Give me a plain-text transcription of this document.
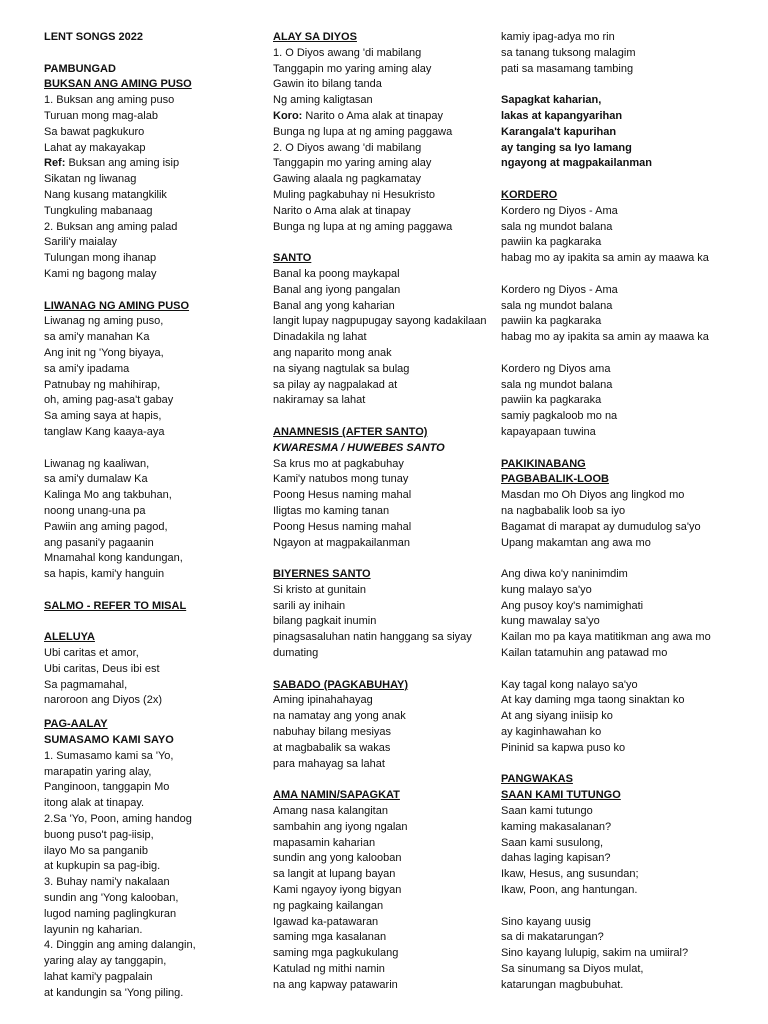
LENT SONGS 2022
PAMBUNGAD
BUKSAN ANG AMING PUSO
1. Buksan ang aming puso
Turuan mong mag-alab
Sa bawat pagkukuro
Lahat ay makayakap
Ref: Buksan ang aming isip
Sikatan ng liwanag
Nang kusang matangkilik
Tungkuling mabanaag
2. Buksan ang aming palad
Sarili'y maialay
Tulungan mong ihanap
Kami ng bagong malay
LIWANAG NG AMING PUSO
Liwanag ng aming puso,
sa ami'y manahan Ka
Ang init ng 'Yong biyaya,
sa ami'y ipadama
Patnubay ng mahihirap,
oh, aming pag-asa't gabay
Sa aming saya at hapis,
tanglaw Kang kaaya-aya
Liwanag ng kaaliwan,
sa ami'y dumalaw Ka
Kalinga Mo ang takbuhan,
noong unang-una pa
Pawiin ang aming pagod,
ang pasani'y pagaanin
Mnamahal kong kandungan,
sa hapis, kami'y hanguin
SALMO - REFER TO MISAL
ALELUYA
Ubi caritas et amor,
Ubi caritas, Deus ibi est
Sa pagmamahal,
naroroon ang Diyos (2x)
PAG-AALAY
SUMASAMO KAMI SAYO
1. Sumasamo kami sa 'Yo,
marapatin yaring alay,
Panginoon, tanggapin Mo
itong alak at tinapay.
2.Sa 'Yo, Poon, aming handog
buong puso't pag-iisip,
ilayo Mo sa panganib
at kupkupin sa pag-ibig.
3. Buhay nami'y nakalaan
sundin ang 'Yong kalooban,
lugod naming paglingkuran
layunin ng kaharian.
4. Dinggin ang aming dalangin,
yaring alay ay tanggapin,
lahat kami'y pagpalain
at kandungin sa 'Yong piling.
ALAY SA DIYOS
1. O Diyos awang 'di mabilang
Tanggapin mo yaring aming alay
Gawin ito bilang tanda
Ng aming kaligtasan
Koro: Narito o Ama alak at tinapay
Bunga ng lupa at ng aming paggawa
2. O Diyos awang 'di mabilang
Tanggapin mo yaring aming alay
Gawing alaala ng pagkamatay
Muling pagkabuhay ni Hesukristo
Narito o Ama alak at tinapay
Bunga ng lupa at ng aming paggawa
SANTO
Banal ka poong maykapal
Banal ang iyong pangalan
Banal ang yong kaharian
langit lupay nagpupugay sayong kadakilaan
Dinadakila ng lahat
ang naparito mong anak
na siyang nagtulak sa bulag
sa pilay ay nagpalakad at
nakiramay sa lahat
ANAMNESIS (AFTER SANTO)
KWARESMA / HUWEBES SANTO
Sa krus mo at pagkabuhay
Kami'y natubos mong tunay
Poong Hesus naming mahal
Iligtas mo kaming tanan
Poong Hesus naming mahal
Ngayon at magpakailanman
BIYERNES SANTO
Si kristo at gunitain
sarili ay inihain
bilang pagkait inumin
pinagsasaluhan natin hanggang sa siyay
dumating
SABADO (PAGKABUHAY)
Aming ipinahahayag
na namatay ang yong anak
nabuhay bilang mesiyas
at magbabalik sa wakas
para mahayag sa lahat
AMA NAMIN/SAPAGKAT
Amang nasa kalangitan
sambahin ang iyong ngalan
mapasamin kaharian
sundin ang yong kalooban
sa langit at lupang bayan
Kami ngayoy iyong bigyan
ng pagkaing kailangan
Igawad ka-patawaran
saming mga kasalanan
saming mga pagkukulang
Katulad ng mithi namin
na ang kapway patawarin
kamiy ipag-adya mo rin
sa tanang tuksong malagim
pati sa masamang tambing
Sapagkat kaharian,
lakas at kapangyarihan
Karangala't kapurihan
ay tanging sa Iyo lamang
ngayong at magpakailanman
KORDERO
Kordero ng Diyos - Ama
sala ng mundot balana
pawiin ka pagkaraka
habag mo ay ipakita sa amin ay maawa ka
Kordero ng Diyos - Ama
sala ng mundot balana
pawiin ka pagkaraka
habag mo ay ipakita sa amin ay maawa ka
Kordero ng Diyos ama
sala ng mundot balana
pawiin ka pagkaraka
samiy pagkaloob mo na
kapayapaan tuwina
PAKIKINABANG
PAGBABALIK-LOOB
Masdan mo Oh Diyos ang lingkod mo
na nagbabalik loob sa iyo
Bagamat di marapat ay dumudulog sa'yo
Upang makamtan ang awa mo
Ang diwa ko'y naninimdim
kung malayo sa'yo
Ang pusoy koy's namimighati
kung mawalay sa'yo
Kailan mo pa kaya matitikman ang awa mo
Kailan tatamuhin ang patawad mo
Kay tagal kong nalayo sa'yo
At kay daming mga taong sinaktan ko
At ang siyang iniisip ko
ay kaginhawahan ko
Pininid sa kapwa puso ko
PANGWAKAS
SAAN KAMI TUTUNGO
Saan kami tutungo
kaming makasalanan?
Saan kami susulong,
dahas laging kapisan?
Ikaw, Hesus, ang susundan;
Ikaw, Poon, ang hantungan.
Sino kayang uusig
sa di makatarungan?
Sino kayang lulupig, sakim na umiiral?
Sa sinumang sa Diyos mulat,
katarungan magbubuhat.
